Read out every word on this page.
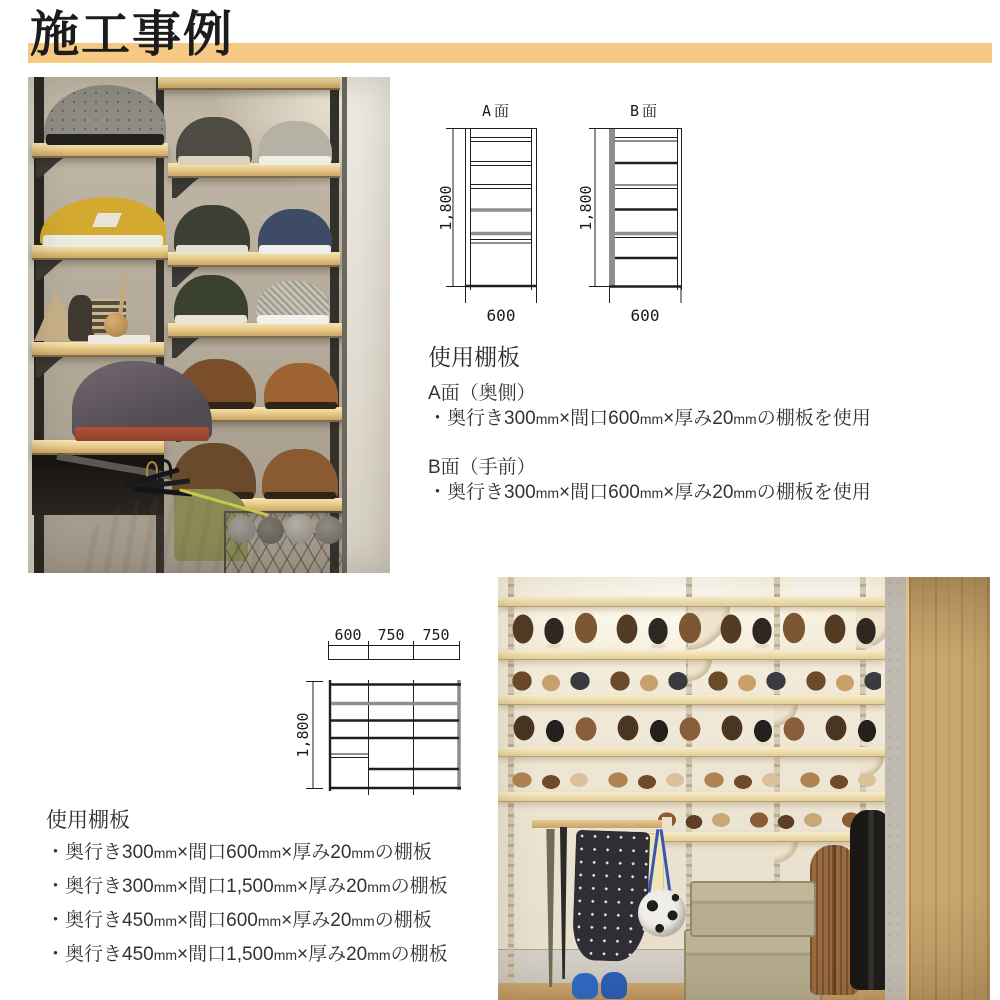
施工事例
A面
1,800
600
B面
1,800
600
使用棚板
A面（奥側）
・奥行き300mm×間口600mm×厚み20mmの棚板を使用
B面（手前）
・奥行き300mm×間口600mm×厚み20mmの棚板を使用
600 750 750
1,800
使用棚板
・奥行き300mm×間口600mm×厚み20mmの棚板
・奥行き300mm×間口1,500mm×厚み20mmの棚板
・奥行き450mm×間口600mm×厚み20mmの棚板
・奥行き450mm×間口1,500mm×厚み20mmの棚板
